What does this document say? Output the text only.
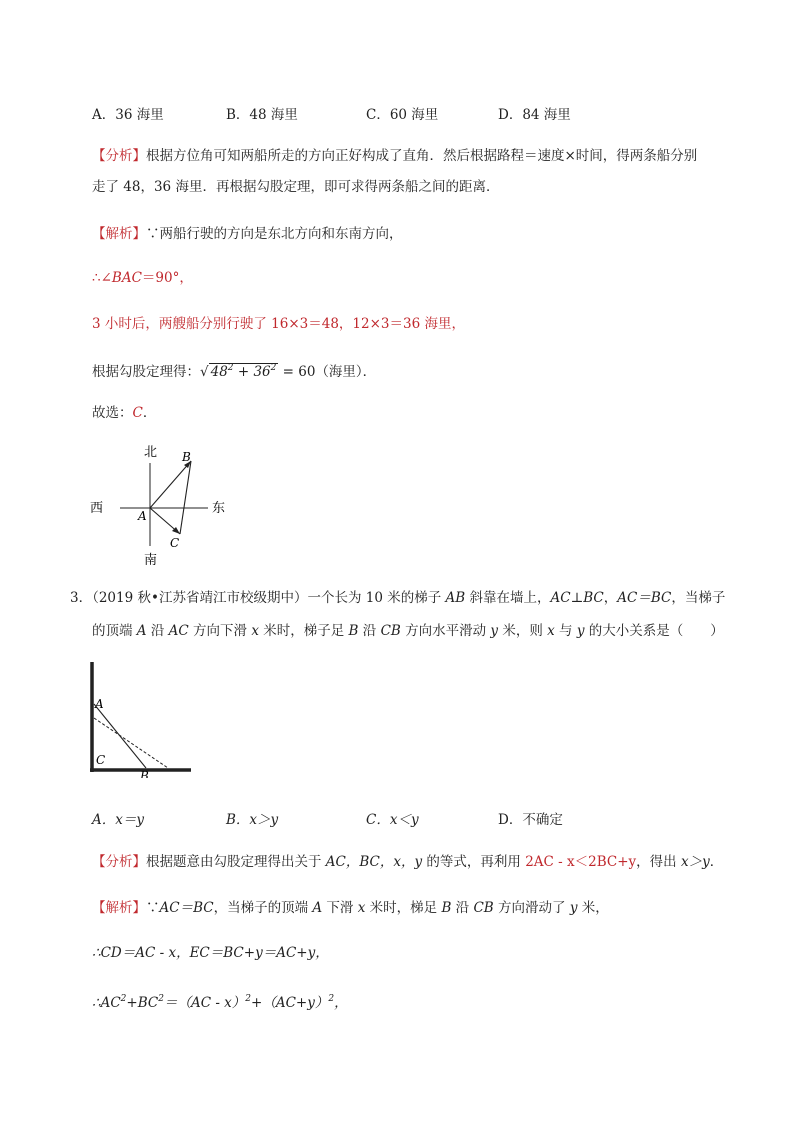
A．36 海里	B．48 海里	C．60 海里	D．84 海里
【分析】根据方位角可知两船所走的方向正好构成了直角．然后根据路程＝速度×时间，得两条船分别
走了 48，36 海里．再根据勾股定理，即可求得两条船之间的距离．
【解析】∵两船行驶的方向是东北方向和东南方向，
∴∠BAC＝90°，
3 小时后，两艘船分别行驶了 16×3＝48，12×3＝36 海里，
根据勾股定理得：√ $48^2 + 36^2 = 60$（海里）．
故选：C．
北
南
东
西	A
B
C
3．（2019 秋•江苏省靖江市校级期中）一个长为 10 米的梯子 AB 斜靠在墙上，AC⊥BC，AC＝BC，当梯子
的顶端 A 沿 AC 方向下滑 x 米时，梯子足 B 沿 CB 方向水平滑动 y 米，则 x 与 y 的大小关系是（　　）
A
C
B
A．x＝y	B．x＞y	C．x＜y	D．不确定
【分析】根据题意由勾股定理得出关于 AC，BC，x，y 的等式，再利用 2AC - x＜2BC+y，得出 x＞y．
【解析】∵AC＝BC，当梯子的顶端 A 下滑 x 米时，梯足 B 沿 CB 方向滑动了 y 米，
∴CD＝AC - x，EC＝BC+y＝AC+y，
$\therefore AC^2+BC^2=(AC - x)^2+(AC+y)^2$，
